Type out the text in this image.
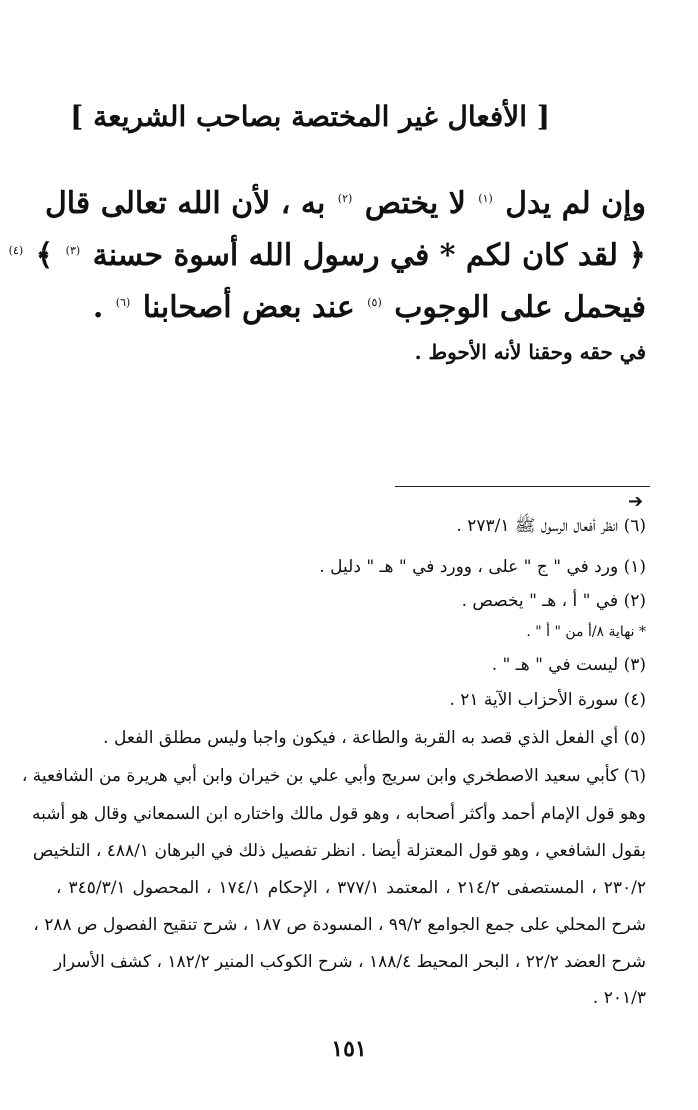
[ الأفعال غير المختصة بصاحب الشريعة ]
وإن لم يدل $^{(١)}$ لا يختص $^{(٢)}$ به ، لأن الله تعالى قال
﴿ لقد كان لكم * في رسول الله أسوة حسنة $^{(٣)}$ ﴾ $^{(٤)}$
فيحمل على الوجوب $^{(٥)}$ عند بعض أصحابنا $^{(٦)}$ .
في حقه وحقنا لأنه الأحوط .
➔
(٦) انظر أفعال الرسول ﷺ ٢٧٣/١ .
(١) ورد في " ج " على ، وورد في " هـ " دليل .
(٢) في " أ ، هـ " يخصص .
* نهاية ٨/أ من " أ " .
(٣) ليست في " هـ " .
(٤) سورة الأحزاب الآية ٢١ .
(٥) أي الفعل الذي قصد به القربة والطاعة ، فيكون واجبا وليس مطلق الفعل .
(٦) كأبي سعيد الاصطخري وابن سريج وأبي علي بن خيران وابن أبي هريرة من الشافعية ،
وهو قول الإمام أحمد وأكثر أصحابه ، وهو قول مالك واختاره ابن السمعاني وقال هو أشبه
بقول الشافعي ، وهو قول المعتزلة أيضا . انظر تفصيل ذلك في البرهان ٤٨٨/١ ، التلخيص
٢٣٠/٢ ، المستصفى ٢١٤/٢ ، المعتمد ٣٧٧/١ ، الإحكام ١٧٤/١ ، المحصول ٣٤٥/٣/١ ،
شرح المحلي على جمع الجوامع ٩٩/٢ ، المسودة ص ١٨٧ ، شرح تنقيح الفصول ص ٢٨٨ ،
شرح العضد ٢٢/٢ ، البحر المحيط ١٨٨/٤ ، شرح الكوكب المنير ١٨٢/٢ ، كشف الأسرار
٢٠١/٣ .
١٥١
